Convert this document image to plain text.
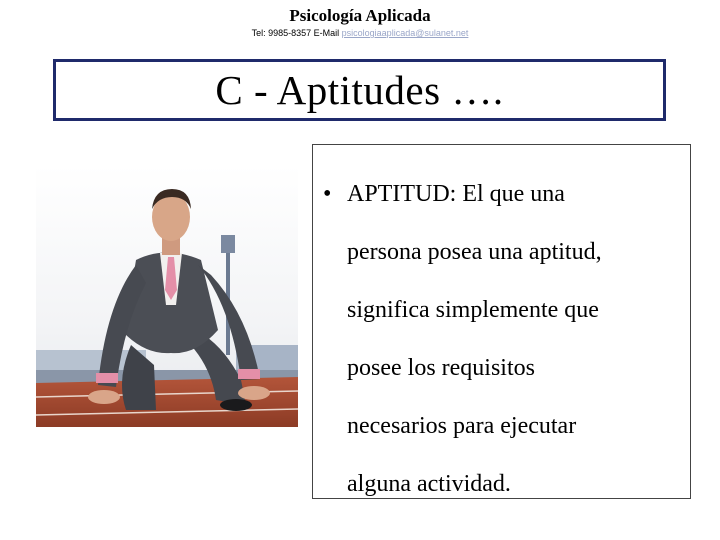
Psicología Aplicada
Tel: 9985-8357 E-Mail psicologiaaplicada@sulanet.net
C - Aptitudes ….
• APTITUD: El que una
persona posea una aptitud,
significa simplemente que
posee los requisitos
necesarios para ejecutar
alguna actividad.
